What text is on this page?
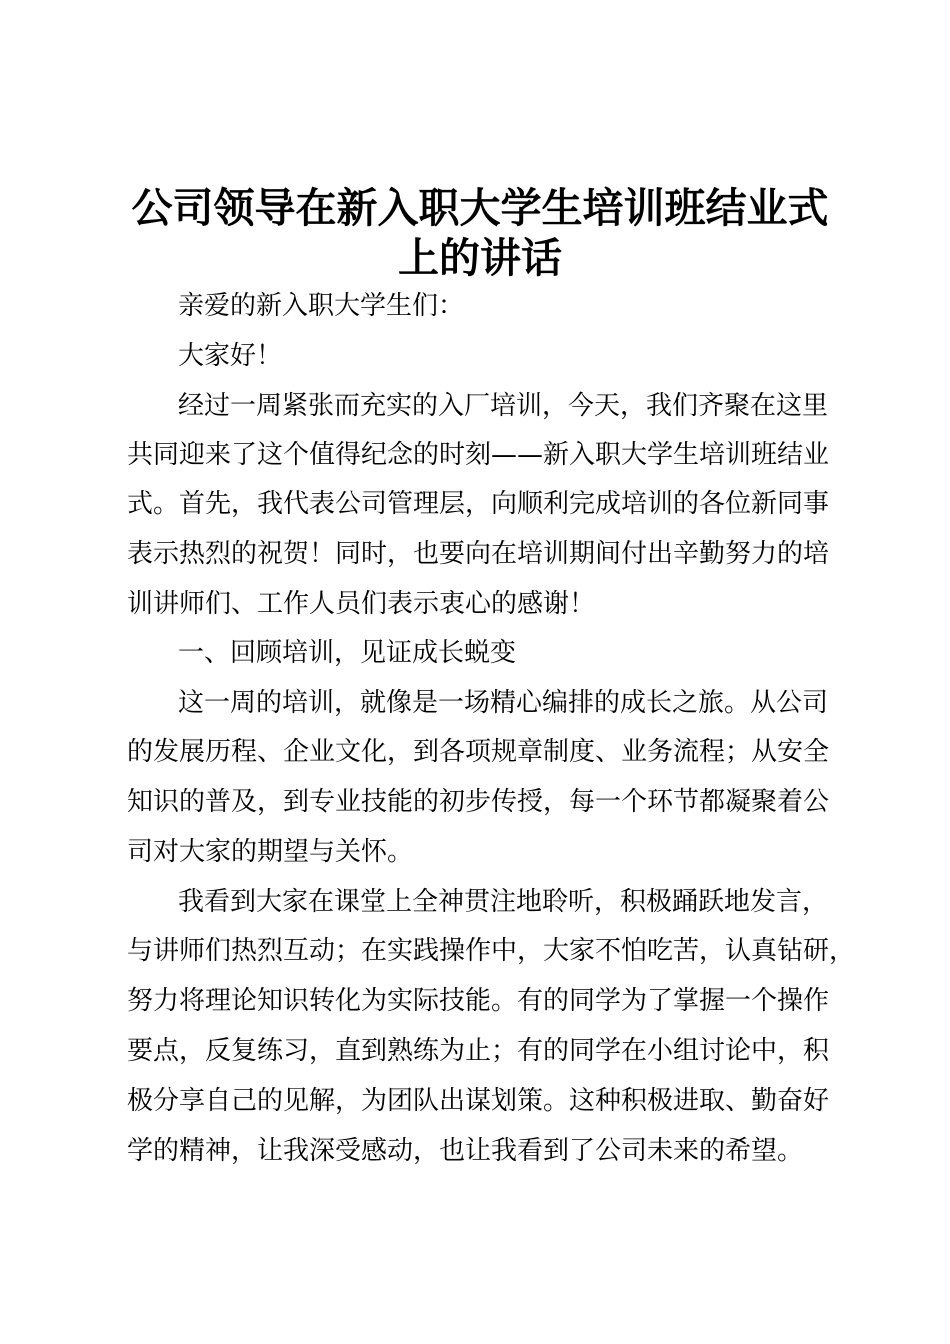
公司领导在新入职大学生培训班结业式
上的讲话

亲爱的新入职大学生们：

大家好！

经过一周紧张而充实的入厂培训，今天，我们齐聚在这里

共同迎来了这个值得纪念的时刻——新入职大学生培训班结业

式。首先，我代表公司管理层，向顺利完成培训的各位新同事

表示热烈的祝贺！同时，也要向在培训期间付出辛勤努力的培

训讲师们、工作人员们表示衷心的感谢！

一、回顾培训，见证成长蜕变

这一周的培训，就像是一场精心编排的成长之旅。从公司

的发展历程、企业文化，到各项规章制度、业务流程；从安全

知识的普及，到专业技能的初步传授，每一个环节都凝聚着公

司对大家的期望与关怀。

我看到大家在课堂上全神贯注地聆听，积极踊跃地发言，

与讲师们热烈互动；在实践操作中，大家不怕吃苦，认真钻研，

努力将理论知识转化为实际技能。有的同学为了掌握一个操作

要点，反复练习，直到熟练为止；有的同学在小组讨论中，积

极分享自己的见解，为团队出谋划策。这种积极进取、勤奋好

学的精神，让我深受感动，也让我看到了公司未来的希望。
